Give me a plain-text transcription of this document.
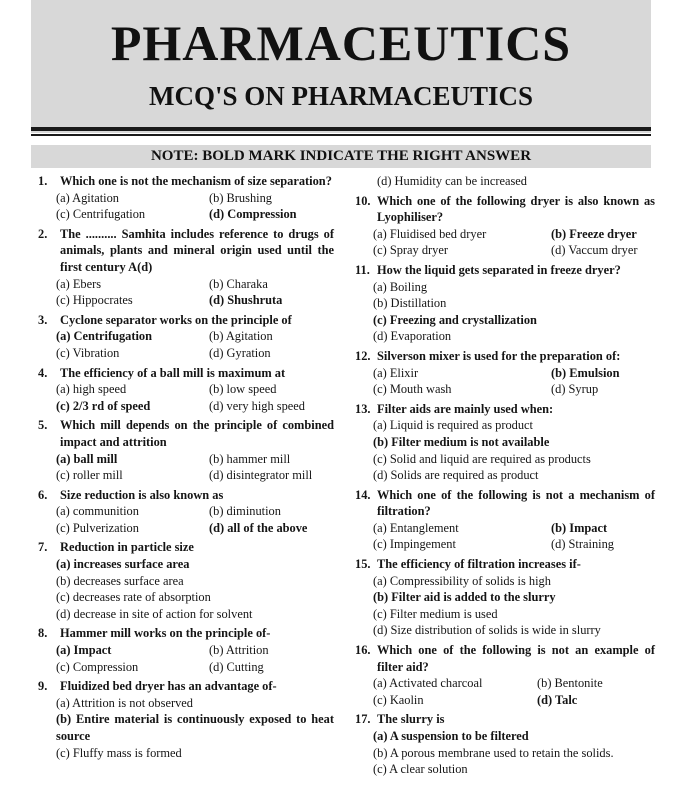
PHARMACEUTICS
MCQ'S ON PHARMACEUTICS
NOTE: BOLD MARK INDICATE THE RIGHT ANSWER
1.	Which one is not the mechanism of size separation?
(a) Agitation	(b) Brushing
(c) Centrifugation	(d) Compression
2.	The .......... Samhita includes reference to drugs of animals, plants and mineral origin used until the first century A(d)
(a) Ebers	(b) Charaka
(c) Hippocrates	(d) Shushruta
3.	Cyclone separator works on the principle of
(a) Centrifugation	(b) Agitation
(c) Vibration	(d) Gyration
4.	The efficiency of a ball mill is maximum at
(a) high speed	(b) low speed
(c) 2/3 rd of speed	(d) very high speed
5.	Which mill depends on the principle of combined impact and attrition
(a) ball mill	(b) hammer mill
(c) roller mill	(d) disintegrator mill
6.	Size reduction is also known as
(a) communition	(b) diminution
(c) Pulverization	(d) all of the above
7.	Reduction in particle size
(a) increases surface area
(b) decreases surface area
(c) decreases rate of absorption
(d) decrease in site of action for solvent
8.	Hammer mill works on the principle of-
(a) Impact	(b) Attrition
(c) Compression	(d) Cutting
9.	Fluidized bed dryer has an advantage of-
(a) Attrition is not observed
(b) Entire material is continuously exposed to heat source
(c) Fluffy mass is formed
(d) Humidity can be increased
10. Which one of the following dryer is also known as Lyophiliser?
(a) Fluidised bed dryer	(b) Freeze dryer
(c) Spray dryer	(d) Vaccum dryer
11. How the liquid gets separated in freeze dryer?
(a) Boiling
(b) Distillation
(c) Freezing and crystallization
(d) Evaporation
12. Silverson mixer is used for the preparation of:
(a) Elixir	(b) Emulsion
(c) Mouth wash	(d) Syrup
13. Filter aids are mainly used when:
(a) Liquid is required as product
(b) Filter medium is not available
(c) Solid and liquid are required as products
(d) Solids are required as product
14. Which one of the following is not a mechanism of filtration?
(a) Entanglement	(b) Impact
(c) Impingement	(d) Straining
15. The efficiency of filtration increases if-
(a) Compressibility of solids is high
(b) Filter aid is added to the slurry
(c) Filter medium is used
(d) Size distribution of solids is wide in slurry
16. Which one of the following is not an example of filter aid?
(a) Activated charcoal	(b) Bentonite
(c) Kaolin	(d) Talc
17. The slurry is
(a) A suspension to be filtered
(b) A porous membrane used to retain the solids.
(c) A clear solution
